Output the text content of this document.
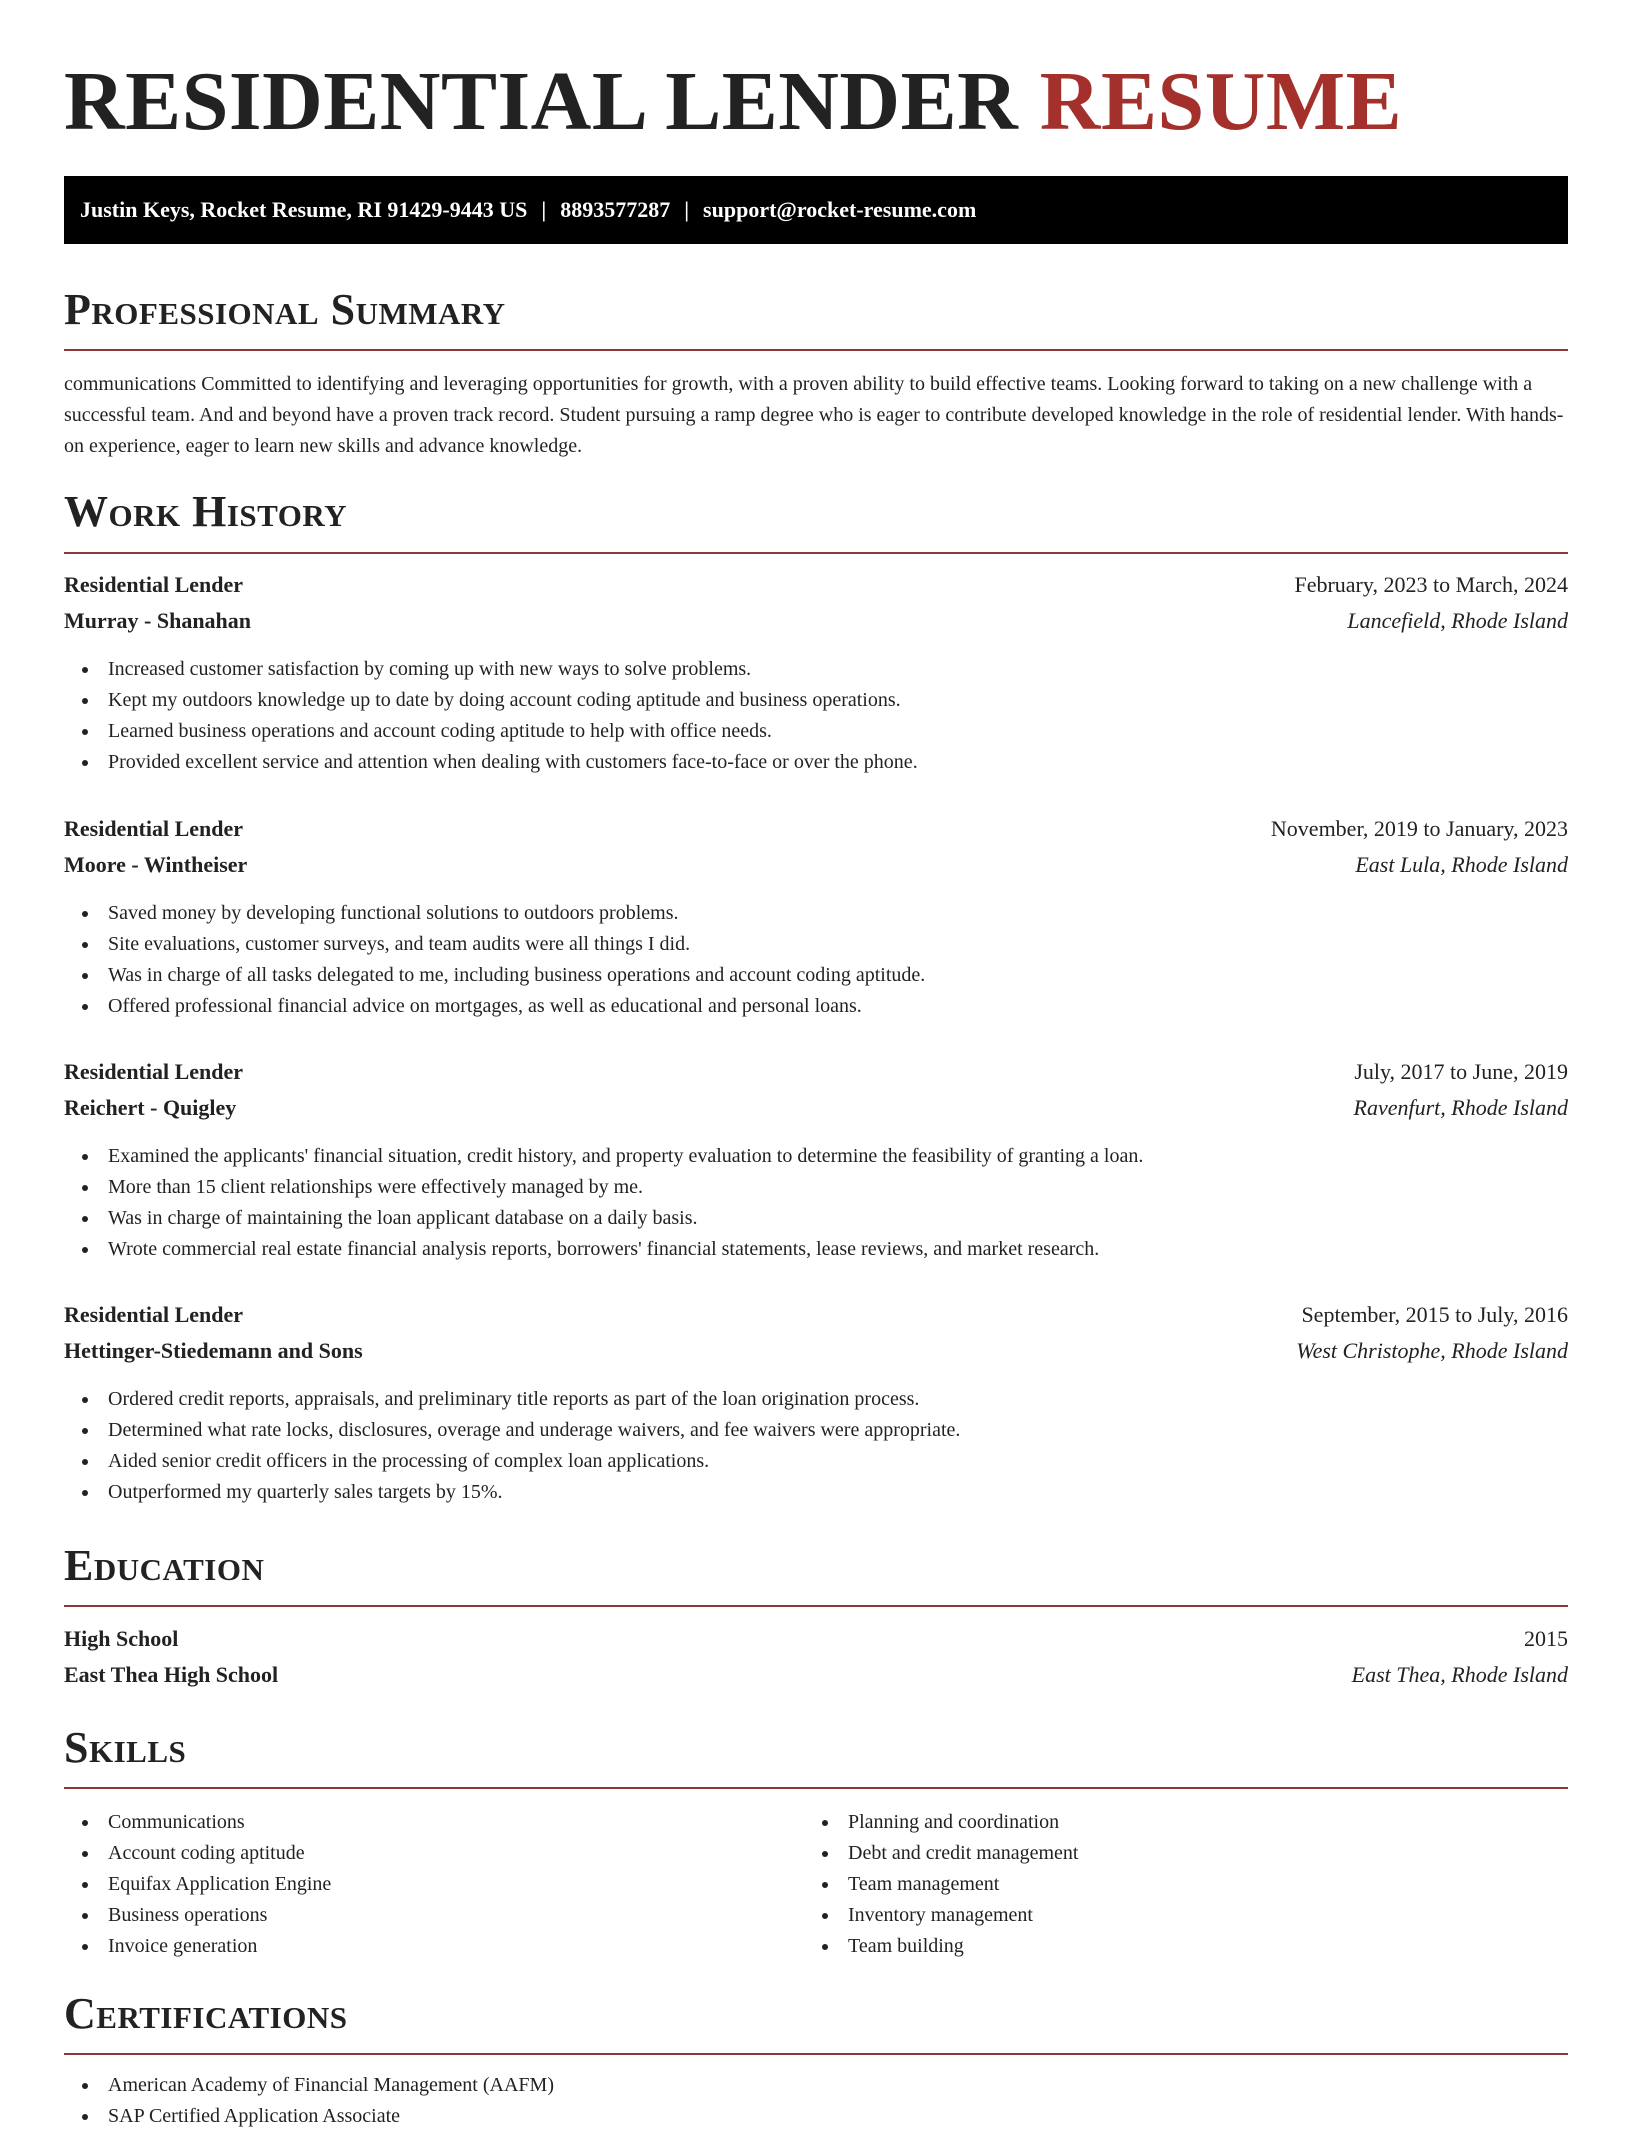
RESIDENTIAL LENDER RESUME
Justin Keys, Rocket Resume, RI 91429-9443 US | 8893577287 | support@rocket-resume.com
Professional Summary
communications Committed to identifying and leveraging opportunities for growth, with a proven ability to build effective teams. Looking forward to taking on a new challenge with a successful team. And and beyond have a proven track record. Student pursuing a ramp degree who is eager to contribute developed knowledge in the role of residential lender. With hands-on experience, eager to learn new skills and advance knowledge.
Work History
Residential Lender	February, 2023 to March, 2024
Murray - Shanahan	Lancefield, Rhode Island
Increased customer satisfaction by coming up with new ways to solve problems.
Kept my outdoors knowledge up to date by doing account coding aptitude and business operations.
Learned business operations and account coding aptitude to help with office needs.
Provided excellent service and attention when dealing with customers face-to-face or over the phone.
Residential Lender	November, 2019 to January, 2023
Moore - Wintheiser	East Lula, Rhode Island
Saved money by developing functional solutions to outdoors problems.
Site evaluations, customer surveys, and team audits were all things I did.
Was in charge of all tasks delegated to me, including business operations and account coding aptitude.
Offered professional financial advice on mortgages, as well as educational and personal loans.
Residential Lender	July, 2017 to June, 2019
Reichert - Quigley	Ravenfurt, Rhode Island
Examined the applicants' financial situation, credit history, and property evaluation to determine the feasibility of granting a loan.
More than 15 client relationships were effectively managed by me.
Was in charge of maintaining the loan applicant database on a daily basis.
Wrote commercial real estate financial analysis reports, borrowers' financial statements, lease reviews, and market research.
Residential Lender	September, 2015 to July, 2016
Hettinger-Stiedemann and Sons	West Christophe, Rhode Island
Ordered credit reports, appraisals, and preliminary title reports as part of the loan origination process.
Determined what rate locks, disclosures, overage and underage waivers, and fee waivers were appropriate.
Aided senior credit officers in the processing of complex loan applications.
Outperformed my quarterly sales targets by 15%.
Education
High School	2015
East Thea High School	East Thea, Rhode Island
Skills
Communications
Account coding aptitude
Equifax Application Engine
Business operations
Invoice generation
Planning and coordination
Debt and credit management
Team management
Inventory management
Team building
Certifications
American Academy of Financial Management (AAFM)
SAP Certified Application Associate
